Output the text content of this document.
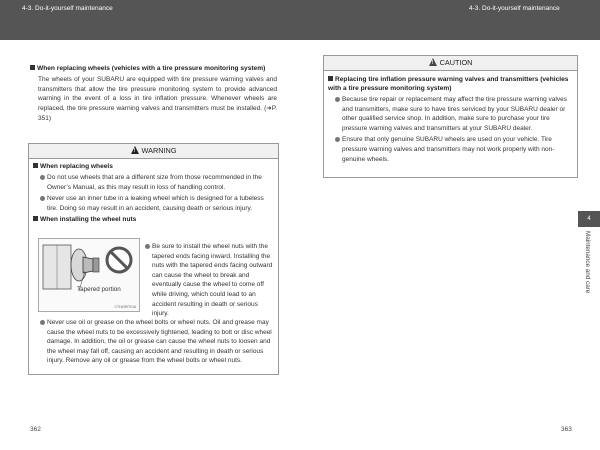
4-3. Do-it-yourself maintenance	4-3. Do-it-yourself maintenance
When replacing wheels (vehicles with a tire pressure monitoring system)
The wheels of your SUBARU are equipped with tire pressure warning valves and transmitters that allow the tire pressure monitoring system to provide advanced warning in the event of a loss in tire inflation pressure. Whenever wheels are replaced, the tire pressure warning valves and transmitters must be installed. (➜P. 351)
! WARNING
When replacing wheels
Do not use wheels that are a different size from those recommended in the Owner’s Manual, as this may result in loss of handling control.
Never use an inner tube in a leaking wheel which is designed for a tubeless tire. Doing so may result in an accident, causing death or serious injury.
When installing the wheel nuts
Be sure to install the wheel nuts with the tapered ends facing inward. Installing the nuts with the tapered ends facing outward can cause the wheel to break and eventually cause the wheel to come off while driving, which could lead to an accident resulting in death or serious injury.
Never use oil or grease on the wheel bolts or wheel nuts. Oil and grease may cause the wheel nuts to be excessively tightened, leading to bolt or disc wheel damage. In addition, the oil or grease can cause the wheel nuts to loosen and the wheel may fall off, causing an accident and resulting in death or serious injury. Remove any oil or grease from the wheel bolts or wheel nuts.
Tapered portion
CTH43RT016
362
! CAUTION
Replacing tire inflation pressure warning valves and transmitters (vehicles with a tire pressure monitoring system)
Because tire repair or replacement may affect the tire pressure warning valves and transmitters, make sure to have tires serviced by your SUBARU dealer or other qualified service shop. In addition, make sure to purchase your tire pressure warning valves and transmitters at your SUBARU dealer.
Ensure that only genuine SUBARU wheels are used on your vehicle. Tire pressure warning valves and transmitters may not work properly with non-genuine wheels.
4
Maintenance and care
363
